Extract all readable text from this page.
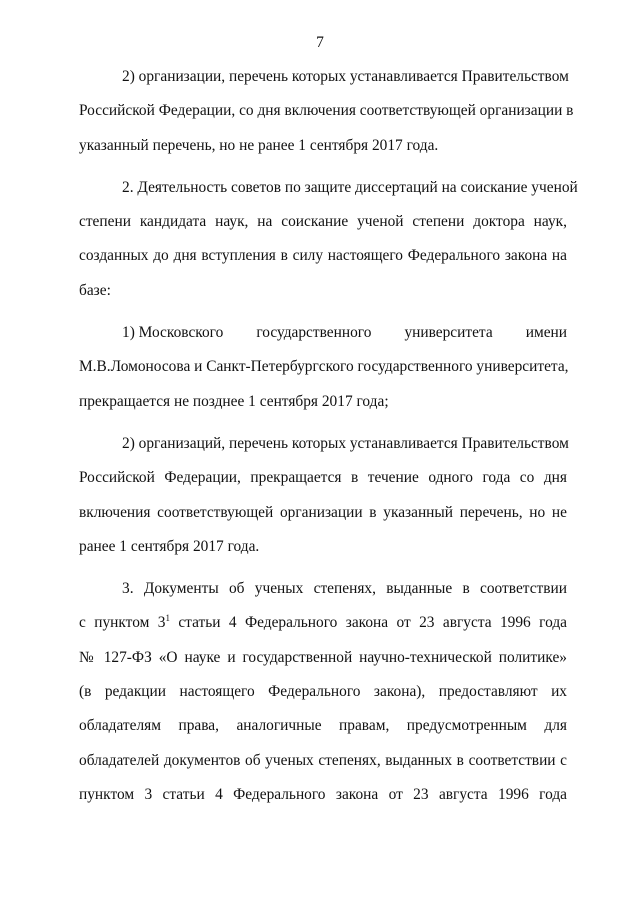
7
2) организации, перечень которых устанавливается Правительством
Российской Федерации, со дня включения соответствующей организации в
указанный перечень, но не ранее 1 сентября 2017 года.
2. Деятельность советов по защите диссертаций на соискание ученой
степени кандидата наук, на соискание ученой степени доктора наук,
созданных до дня вступления в силу настоящего Федерального закона на
базе:
1) Московского государственного университета имени
М.В.Ломоносова и Санкт-Петербургского государственного университета,
прекращается не позднее 1 сентября 2017 года;
2) организаций, перечень которых устанавливается Правительством
Российской Федерации, прекращается в течение одного года со дня
включения соответствующей организации в указанный перечень, но не
ранее 1 сентября 2017 года.
3. Документы об ученых степенях, выданные в соответствии
с пунктом $3^1$ статьи 4 Федерального закона от 23 августа 1996 года
№ 127-ФЗ «О науке и государственной научно-технической политике»
(в редакции настоящего Федерального закона), предоставляют их
обладателям права, аналогичные правам, предусмотренным для
обладателей документов об ученых степенях, выданных в соответствии с
пунктом 3 статьи 4 Федерального закона от 23 августа 1996 года
